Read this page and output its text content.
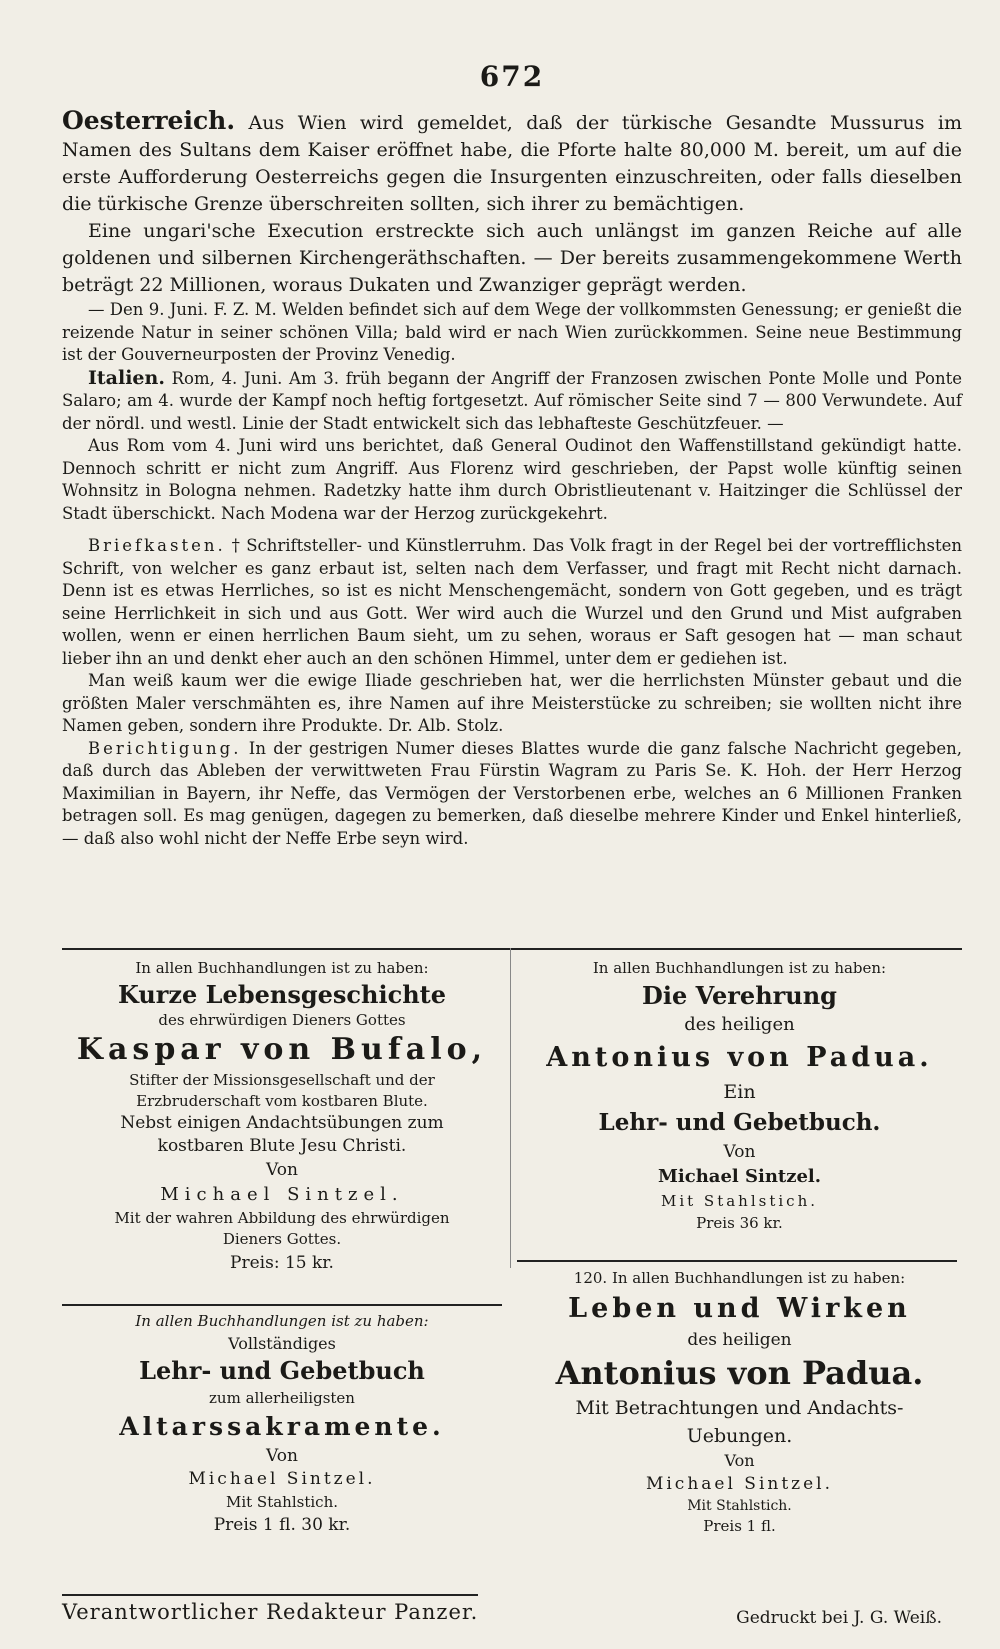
672

Oesterreich. Aus Wien wird gemeldet, daß der türkische Gesandte Mussurus im Namen des Sultans dem Kaiser eröffnet habe, die Pforte halte 80,000 M. bereit, um auf die erste Aufforderung Oesterreichs gegen die Insurgenten einzuschreiten, oder falls dieselben die türkische Grenze überschreiten sollten, sich ihrer zu bemächtigen.

Eine ungari'sche Execution erstreckte sich auch unlängst im ganzen Reiche auf alle goldenen und silbernen Kirchengeräthschaften. — Der bereits zusammengekommene Werth beträgt 22 Millionen, woraus Dukaten und Zwanziger geprägt werden.

— Den 9. Juni. F. Z. M. Welden befindet sich auf dem Wege der vollkommsten Genessung; er genießt die reizende Natur in seiner schönen Villa; bald wird er nach Wien zurückkommen. Seine neue Bestimmung ist der Gouverneurposten der Provinz Venedig.

Italien. Rom, 4. Juni. Am 3. früh begann der Angriff der Franzosen zwischen Ponte Molle und Ponte Salaro; am 4. wurde der Kampf noch heftig fortgesetzt. Auf römischer Seite sind 7 — 800 Verwundete. Auf der nördl. und westl. Linie der Stadt entwickelt sich das lebhafteste Geschützfeuer. —

Aus Rom vom 4. Juni wird uns berichtet, daß General Oudinot den Waffenstillstand gekündigt hatte. Dennoch schritt er nicht zum Angriff. Aus Florenz wird geschrieben, der Papst wolle künftig seinen Wohnsitz in Bologna nehmen. Radetzky hatte ihm durch Obristlieutenant v. Haitzinger die Schlüssel der Stadt überschickt. Nach Modena war der Herzog zurückgekehrt.

Briefkasten. † Schriftsteller- und Künstlerruhm. Das Volk fragt in der Regel bei der vortrefflichsten Schrift, von welcher es ganz erbaut ist, selten nach dem Verfasser, und fragt mit Recht nicht darnach. Denn ist es etwas Herrliches, so ist es nicht Menschengemächt, sondern von Gott gegeben, und es trägt seine Herrlichkeit in sich und aus Gott. Wer wird auch die Wurzel und den Grund und Mist aufgraben wollen, wenn er einen herrlichen Baum sieht, um zu sehen, woraus er Saft gesogen hat — man schaut lieber ihn an und denkt eher auch an den schönen Himmel, unter dem er gediehen ist.

Man weiß kaum wer die ewige Iliade geschrieben hat, wer die herrlichsten Münster gebaut und die größten Maler verschmähten es, ihre Namen auf ihre Meisterstücke zu schreiben; sie wollten nicht ihre Namen geben, sondern ihre Produkte. Dr. Alb. Stolz.

Berichtigung. In der gestrigen Numer dieses Blattes wurde die ganz falsche Nachricht gegeben, daß durch das Ableben der verwittweten Frau Fürstin Wagram zu Paris Se. K. Hoh. der Herr Herzog Maximilian in Bayern, ihr Neffe, das Vermögen der Verstorbenen erbe, welches an 6 Millionen Franken betragen soll. Es mag genügen, dagegen zu bemerken, daß dieselbe mehrere Kinder und Enkel hinterließ, — daß also wohl nicht der Neffe Erbe seyn wird.

In allen Buchhandlungen ist zu haben:
Kurze Lebensgeschichte
des ehrwürdigen Dieners Gottes
Kaspar von Bufalo,
Stifter der Missionsgesellschaft und der
Erzbruderschaft vom kostbaren Blute.
Nebst einigen Andachtsübungen zum
kostbaren Blute Jesu Christi.
Von
Michael Sintzel.
Mit der wahren Abbildung des ehrwürdigen
Dieners Gottes.
Preis: 15 kr.
In allen Buchhandlungen ist zu haben:
Die Verehrung
des heiligen
Antonius von Padua.
Ein
Lehr- und Gebetbuch.
Von
Michael Sintzel.
Mit Stahlstich.
Preis 36 kr.
In allen Buchhandlungen ist zu haben:
Vollständiges
Lehr- und Gebetbuch
zum allerheiligsten
Altarssakramente.
Von
Michael Sintzel.
Mit Stahlstich.
Preis 1 fl. 30 kr.
120. In allen Buchhandlungen ist zu haben:
Leben und Wirken
des heiligen
Antonius von Padua.
Mit Betrachtungen und Andachts-
Uebungen.
Von
Michael Sintzel.
Mit Stahlstich.
Preis 1 fl.
Verantwortlicher Redakteur Panzer.	Gedruckt bei J. G. Weiß.
